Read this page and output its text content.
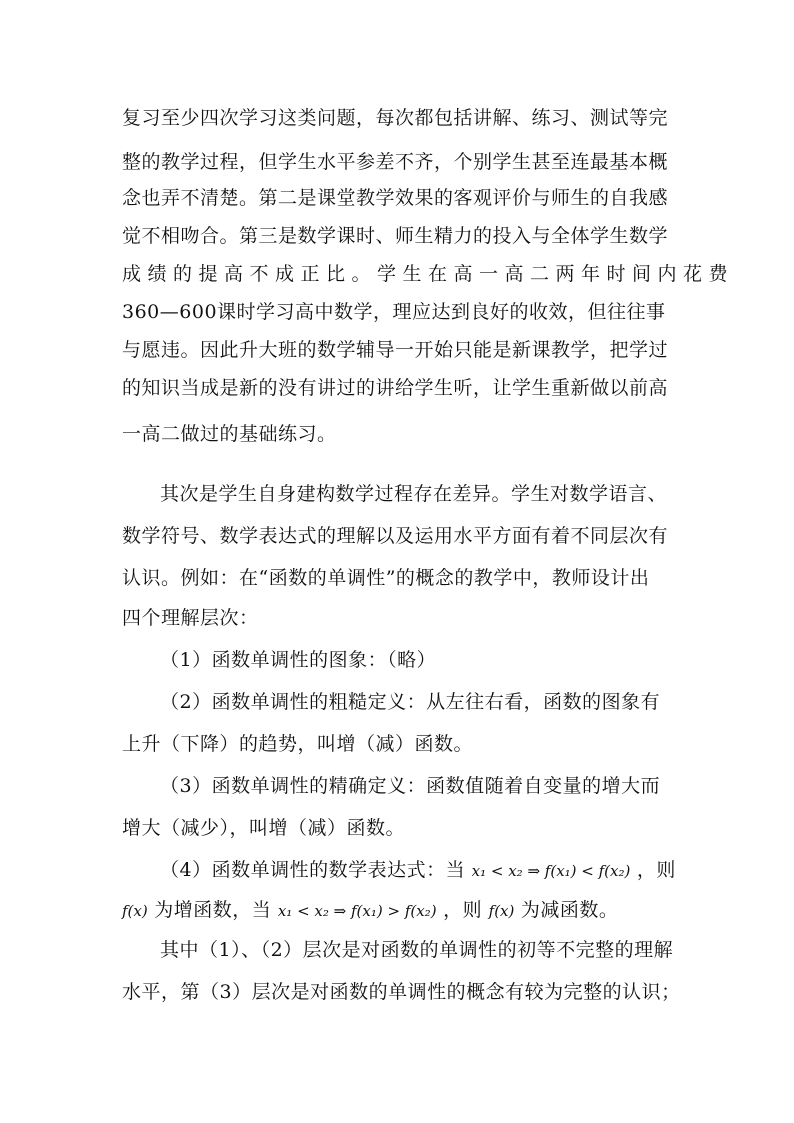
复习至少四次学习这类问题，每次都包括讲解、练习、测试等完
整的教学过程，但学生水平参差不齐，个别学生甚至连最基本概
念也弄不清楚。第二是课堂教学效果的客观评价与师生的自我感
觉不相吻合。第三是数学课时、师生精力的投入与全体学生数学
成绩的提高不成正比。学生在高一高二两年时间内花费
360—600课时学习高中数学，理应达到良好的收效，但往往事
与愿违。因此升大班的数学辅导一开始只能是新课教学，把学过
的知识当成是新的没有讲过的讲给学生听，让学生重新做以前高
一高二做过的基础练习。
其次是学生自身建构数学过程存在差异。学生对数学语言、
数学符号、数学表达式的理解以及运用水平方面有着不同层次有
认识。例如：在“函数的单调性”的概念的教学中，教师设计出
四个理解层次：
（1）函数单调性的图象：（略）
（2）函数单调性的粗糙定义：从左往右看，函数的图象有
上升（下降）的趋势，叫增（减）函数。
（3）函数单调性的精确定义：函数值随着自变量的增大而
增大（减少），叫增（减）函数。
（4）函数单调性的数学表达式：当 x₁ < x₂ ⇒ f(x₁) < f(x₂) ，则
f(x) 为增函数，当 x₁ < x₂ ⇒ f(x₁) > f(x₂) ，则 f(x) 为减函数。
其中（1）、（2）层次是对函数的单调性的初等不完整的理解
水平，第（3）层次是对函数的单调性的概念有较为完整的认识；
